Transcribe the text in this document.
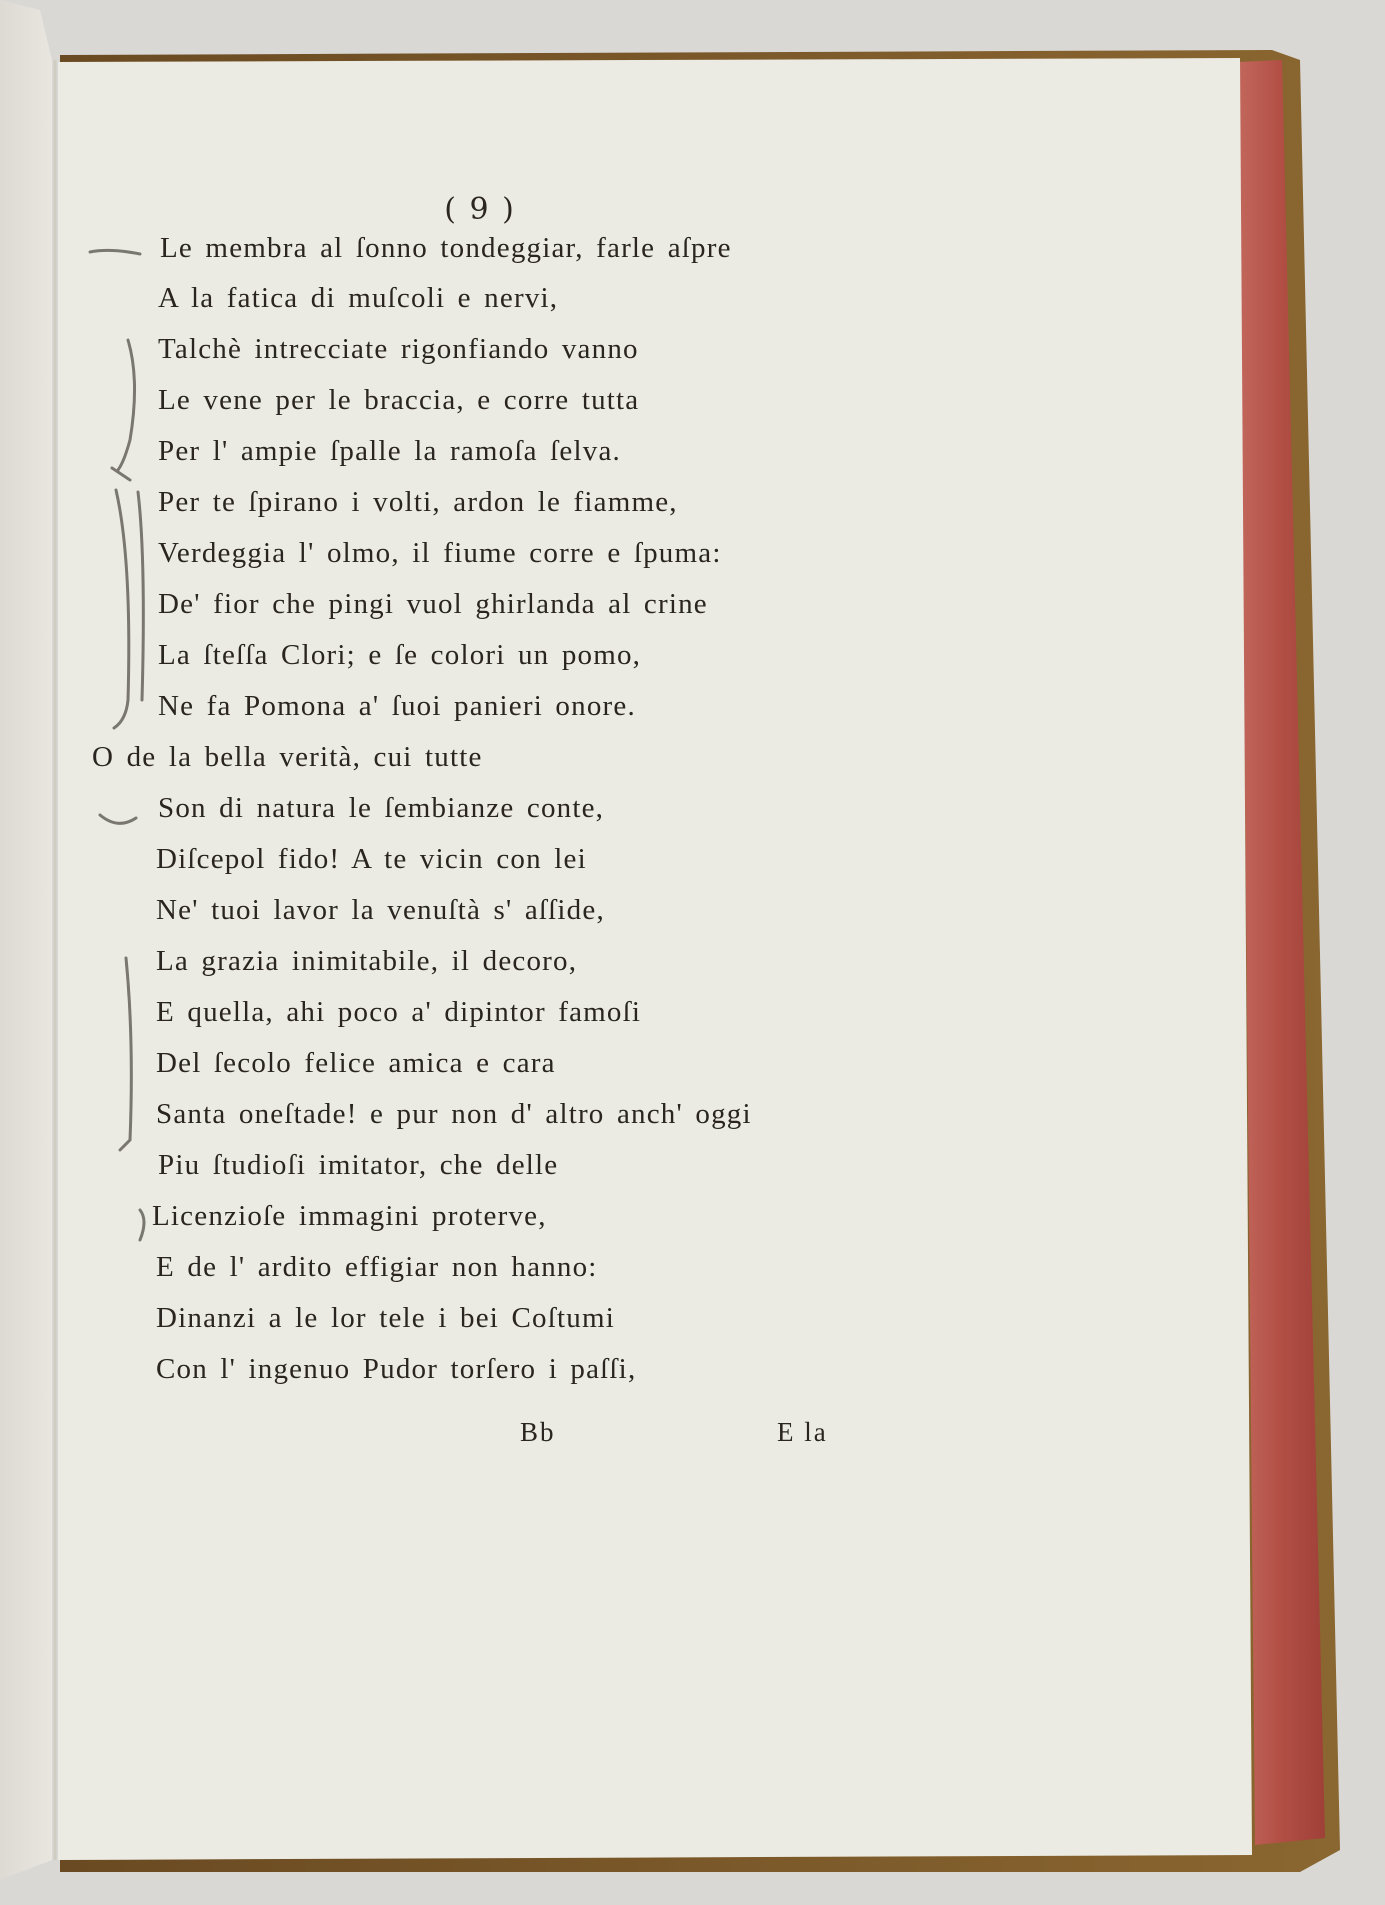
( 9 )
Le membra al ſonno tondeggiar, farle aſpre
A la fatica di muſcoli e nervi,
Talchè intrecciate rigonfiando vanno
Le vene per le braccia, e corre tutta
Per l' ampie ſpalle la ramoſa ſelva.
Per te ſpirano i volti, ardon le fiamme,
Verdeggia l' olmo, il fiume corre e ſpuma:
De' fior che pingi vuol ghirlanda al crine
La ſteſſa Clori; e ſe colori un pomo,
Ne fa Pomona a' ſuoi panieri onore.
O de la bella verità, cui tutte
Son di natura le ſembianze conte,
Diſcepol fido! A te vicin con lei
Ne' tuoi lavor la venuſtà s' aſſide,
La grazia inimitabile, il decoro,
E quella, ahi poco a' dipintor famoſi
Del ſecolo felice amica e cara
Santa oneſtade! e pur non d' altro anch' oggi
Piu ſtudioſi imitator, che delle
Licenzioſe immagini proterve,
E de l' ardito effigiar non hanno:
Dinanzi a le lor tele i bei Coſtumi
Con l' ingenuo Pudor torſero i paſſi,
Bb	E la
